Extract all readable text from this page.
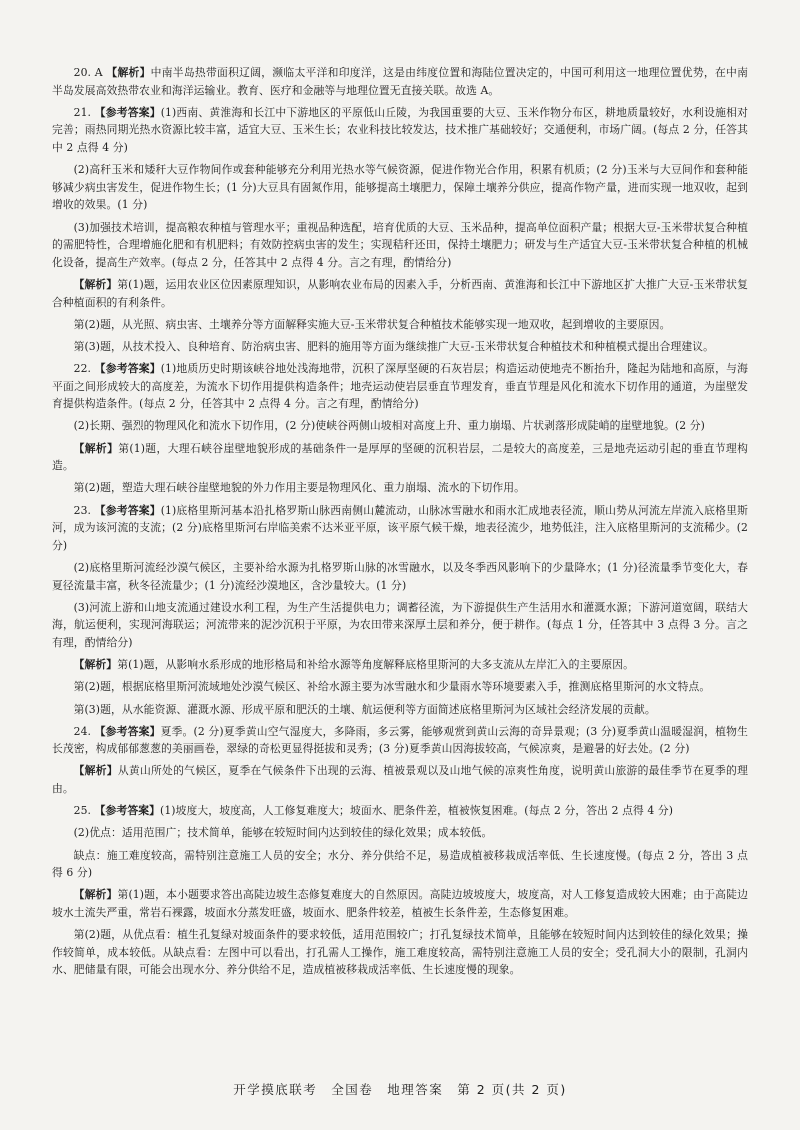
20. A 【解析】中南半岛热带面积辽阔，濒临太平洋和印度洋，这是由纬度位置和海陆位置决定的，中国可利用这一地理位置优势，在中南半岛发展高效热带农业和海洋运输业。教育、医疗和金融等与地理位置无直接关联。故选 A。
21. 【参考答案】(1)西南、黄淮海和长江中下游地区的平原低山丘陵，为我国重要的大豆、玉米作物分布区，耕地质量较好，水利设施相对完善；雨热同期光热水资源比较丰富，适宜大豆、玉米生长；农业科技比较发达，技术推广基础较好；交通便利，市场广阔。(每点 2 分，任答其中 2 点得 4 分)
(2)高秆玉米和矮秆大豆作物间作或套种能够充分利用光热水等气候资源，促进作物光合作用，积累有机质；(2 分)玉米与大豆间作和套种能够减少病虫害发生，促进作物生长；(1 分)大豆具有固氮作用，能够提高土壤肥力，保障土壤养分供应，提高作物产量，进而实现一地双收，起到增收的效果。(1 分)
(3)加强技术培训，提高粮农种植与管理水平；重视品种选配，培育优质的大豆、玉米品种，提高单位面积产量；根据大豆-玉米带状复合种植的需肥特性，合理增施化肥和有机肥料；有效防控病虫害的发生；实现秸秆还田，保持土壤肥力；研发与生产适宜大豆-玉米带状复合种植的机械化设备，提高生产效率。(每点 2 分，任答其中 2 点得 4 分。言之有理，酌情给分)
【解析】第(1)题，运用农业区位因素原理知识，从影响农业布局的因素入手，分析西南、黄淮海和长江中下游地区扩大推广大豆-玉米带状复合种植面积的有利条件。
第(2)题，从光照、病虫害、土壤养分等方面解释实施大豆-玉米带状复合种植技术能够实现一地双收，起到增收的主要原因。
第(3)题，从技术投入、良种培育、防治病虫害、肥料的施用等方面为继续推广大豆-玉米带状复合种植技术和种植模式提出合理建议。
22. 【参考答案】(1)地质历史时期该峡谷地处浅海地带，沉积了深厚坚硬的石灰岩层；构造运动使地壳不断抬升，隆起为陆地和高原，与海平面之间形成较大的高度差，为流水下切作用提供构造条件；地壳运动使岩层垂直节理发育，垂直节理是风化和流水下切作用的通道，为崖壁发育提供构造条件。(每点 2 分，任答其中 2 点得 4 分。言之有理，酌情给分)
(2)长期、强烈的物理风化和流水下切作用，(2 分)使峡谷两侧山坡相对高度上升、重力崩塌、片状剥落形成陡峭的崖壁地貌。(2 分)
【解析】第(1)题，大理石峡谷崖壁地貌形成的基础条件一是厚厚的坚硬的沉积岩层，二是较大的高度差，三是地壳运动引起的垂直节理构造。
第(2)题，塑造大理石峡谷崖壁地貌的外力作用主要是物理风化、重力崩塌、流水的下切作用。
23. 【参考答案】(1)底格里斯河基本沿扎格罗斯山脉西南侧山麓流动，山脉冰雪融水和雨水汇成地表径流，顺山势从河流左岸流入底格里斯河，成为该河流的支流；(2 分)底格里斯河右岸临美索不达米亚平原，该平原气候干燥，地表径流少，地势低洼，注入底格里斯河的支流稀少。(2 分)
(2)底格里斯河流经沙漠气候区，主要补给水源为扎格罗斯山脉的冰雪融水，以及冬季西风影响下的少量降水；(1 分)径流量季节变化大，春夏径流量丰富，秋冬径流量少；(1 分)流经沙漠地区，含沙量较大。(1 分)
(3)河流上游和山地支流通过建设水利工程，为生产生活提供电力；调蓄径流，为下游提供生产生活用水和灌溉水源；下游河道宽阔，联结大海，航运便利，实现河海联运；河流带来的泥沙沉积于平原，为农田带来深厚土层和养分，便于耕作。(每点 1 分，任答其中 3 点得 3 分。言之有理，酌情给分)
【解析】第(1)题，从影响水系形成的地形格局和补给水源等角度解释底格里斯河的大多支流从左岸汇入的主要原因。
第(2)题，根据底格里斯河流域地处沙漠气候区、补给水源主要为冰雪融水和少量雨水等环境要素入手，推测底格里斯河的水文特点。
第(3)题，从水能资源、灌溉水源、形成平原和肥沃的土壤、航运便利等方面简述底格里斯河为区域社会经济发展的贡献。
24. 【参考答案】夏季。(2 分)夏季黄山空气湿度大，多降雨，多云雾，能够观赏到黄山云海的奇异景观；(3 分)夏季黄山温暖湿润，植物生长茂密，构成郁郁葱葱的美丽画卷，翠绿的奇松更显得挺拔和灵秀；(3 分)夏季黄山因海拔较高，气候凉爽，是避暑的好去处。(2 分)
【解析】从黄山所处的气候区，夏季在气候条件下出现的云海、植被景观以及山地气候的凉爽性角度，说明黄山旅游的最佳季节在夏季的理由。
25. 【参考答案】(1)坡度大，坡度高，人工修复难度大；坡面水、肥条件差，植被恢复困难。(每点 2 分，答出 2 点得 4 分)
(2)优点：适用范围广；技术简单，能够在较短时间内达到较佳的绿化效果；成本较低。
缺点：施工难度较高，需特别注意施工人员的安全；水分、养分供给不足，易造成植被移栽成活率低、生长速度慢。(每点 2 分，答出 3 点得 6 分)
【解析】第(1)题，本小题要求答出高陡边坡生态修复难度大的自然原因。高陡边坡坡度大，坡度高，对人工修复造成较大困难；由于高陡边坡水土流失严重，常岩石裸露，坡面水分蒸发旺盛，坡面水、肥条件较差，植被生长条件差，生态修复困难。
第(2)题，从优点看：植生孔复绿对坡面条件的要求较低，适用范围较广；打孔复绿技术简单，且能够在较短时间内达到较佳的绿化效果；操作较简单，成本较低。从缺点看：左图中可以看出，打孔需人工操作，施工难度较高，需特别注意施工人员的安全；受孔洞大小的限制，孔洞内水、肥储量有限，可能会出现水分、养分供给不足，造成植被移栽成活率低、生长速度慢的现象。
开学摸底联考　全国卷　地理答案　第 2 页(共 2 页)
